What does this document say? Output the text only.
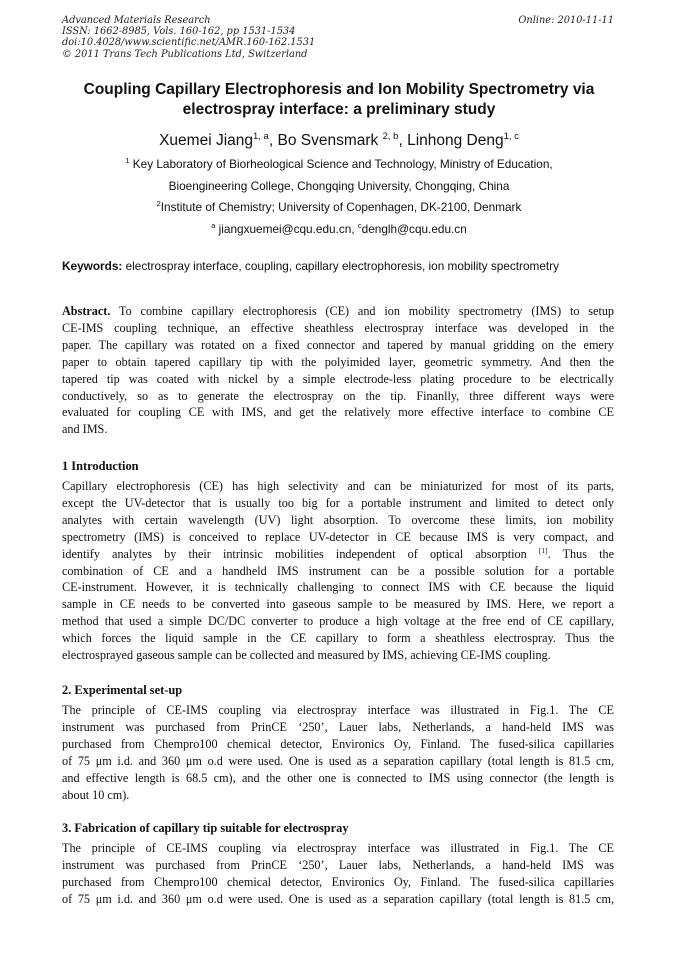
Advanced Materials Research
ISSN: 1662-8985, Vols. 160-162, pp 1531-1534
doi:10.4028/www.scientific.net/AMR.160-162.1531
© 2011 Trans Tech Publications Ltd, Switzerland
Online: 2010-11-11
Coupling Capillary Electrophoresis and Ion Mobility Spectrometry via
electrospray interface: a preliminary study
Xuemei Jiang$^{1, a}$, Bo Svensmark $^{2, b}$, Linhong Deng$^{1, c}$
$^1$ Key Laboratory of Biorheological Science and Technology, Ministry of Education,
Bioengineering College, Chongqing University, Chongqing, China
$^2$Institute of Chemistry; University of Copenhagen, DK-2100, Denmark
$^a$ jiangxuemei@cqu.edu.cn, $^c$denglh@cqu.edu.cn
Keywords: electrospray interface, coupling, capillary electrophoresis, ion mobility spectrometry
Abstract. To combine capillary electrophoresis (CE) and ion mobility spectrometry (IMS) to setup
CE-IMS coupling technique, an effective sheathless electrospray interface was developed in the
paper. The capillary was rotated on a fixed connector and tapered by manual gridding on the emery
paper to obtain tapered capillary tip with the polyimided layer, geometric symmetry. And then the
tapered tip was coated with nickel by a simple electrode-less plating procedure to be electrically
conductively, so as to generate the electrospray on the tip. Finanlly, three different ways were
evaluated for coupling CE with IMS, and get the relatively more effective interface to combine CE
and IMS.
1 Introduction
Capillary electrophoresis (CE) has high selectivity and can be miniaturized for most of its parts,
except the UV-detector that is usually too big for a portable instrument and limited to detect only
analytes with certain wavelength (UV) light absorption. To overcome these limits, ion mobility
spectrometry (IMS) is conceived to replace UV-detector in CE because IMS is very compact, and
identify analytes by their intrinsic mobilities independent of optical absorption [1]. Thus the
combination of CE and a handheld IMS instrument can be a possible solution for a portable
CE-instrument. However, it is technically challenging to connect IMS with CE because the liquid
sample in CE needs to be converted into gaseous sample to be measured by IMS. Here, we report a
method that used a simple DC/DC converter to produce a high voltage at the free end of CE capillary,
which forces the liquid sample in the CE capillary to form a sheathless electrospray. Thus the
electrosprayed gaseous sample can be collected and measured by IMS, achieving CE-IMS coupling.
2. Experimental set-up
The principle of CE-IMS coupling via electrospray interface was illustrated in Fig.1. The CE
instrument was purchased from PrinCE ‘250’, Lauer labs, Netherlands, a hand-held IMS was
purchased from Chempro100 chemical detector, Environics Oy, Finland. The fused-silica capillaries
of 75 μm i.d. and 360 μm o.d were used. One is used as a separation capillary (total length is 81.5 cm,
and effective length is 68.5 cm), and the other one is connected to IMS using connector (the length is
about 10 cm).
3. Fabrication of capillary tip suitable for electrospray
The principle of CE-IMS coupling via electrospray interface was illustrated in Fig.1. The CE
instrument was purchased from PrinCE ‘250’, Lauer labs, Netherlands, a hand-held IMS was
purchased from Chempro100 chemical detector, Environics Oy, Finland. The fused-silica capillaries
of 75 μm i.d. and 360 μm o.d were used. One is used as a separation capillary (total length is 81.5 cm,
